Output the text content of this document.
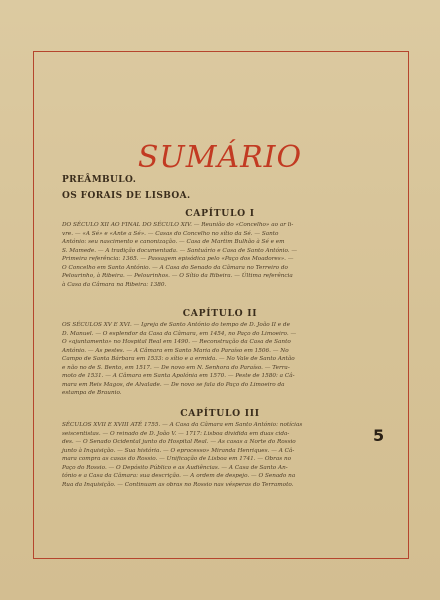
SUMÁRIO
PREÂMBULO.
OS FORAIS DE LISBOA.
CAPÍTULO I
DO SÉCULO XII AO FINAL DO SÉCULO XIV. — Reunião do «Concelho» ao ar li-
vre. — «A Sé» e «Ante a Sé». — Casas do Concelho no sítio da Sé. — Santo
António: seu nascimento e canonização. — Casa de Martim Bulhão à Sé e em
S. Mamede. — A tradição documentada. — Santuário e Casa de Santo António. —
Primeira referência: 1365. — Passagem episódica pelo «Paço dos Moadores». —
O Concelho em Santo António. — A Casa do Senado da Câmara no Terreiro do
Pelourinho, à Ribeira. — Pelourinhos. — O Sítio da Ribeira. — Última referência
à Casa da Câmara na Ribeira: 1380.
CAPÍTULO II
OS SÉCULOS XV E XVI. — Igreja de Santo António do tempo de D. João II e de
D. Manuel. — O esplendor da Casa da Câmara, em 1454, no Paço do Limoeiro. —
O «ajuntamento» no Hospital Real em 1490. — Reconstrução da Casa de Santo
António. — As pestes. — A Câmara em Santo Maria do Paraíso em 1506. — No
Campo de Santa Bárbara em 1533: o sítio e a ermida. — No Vale de Santo Antão
e não no de S. Bento, em 1517. — De novo em N. Senhora do Paraíso. — Terra-
moto de 1531. — A Câmara em Santa Apolónia em 1570. — Peste de 1580: a Câ-
mara em Reis Magos, de Alvalade. — De novo se fala do Paço do Limoeiro da
estampa de Braunio.
CAPÍTULO III
SÉCULOS XVII E XVIII ATÉ 1755. — A Casa da Câmara em Santo António: notícias
seiscentistas. — O reinado de D. João V. — 1717: Lisboa dividida em duas cida-
des. — O Senado Ocidental junto do Hospital Real. — As casas a Norte do Rossio
junto à Inquisição. — Sua história. — O eprocesso» Miranda Henriques. — A Câ-
mara compra as casas do Rossio. — Unificação de Lisboa em 1741. — Obras no
Paço do Rossio. — O Depósito Público e as Audiências. — A Casa de Santo An-
tónio e a Casa da Câmara: sua descrição. — A ordem de despejo. — O Senado na
Rua da Inquisição. — Continuam as obras no Rossio nas vésperas do Terramoto.
5
